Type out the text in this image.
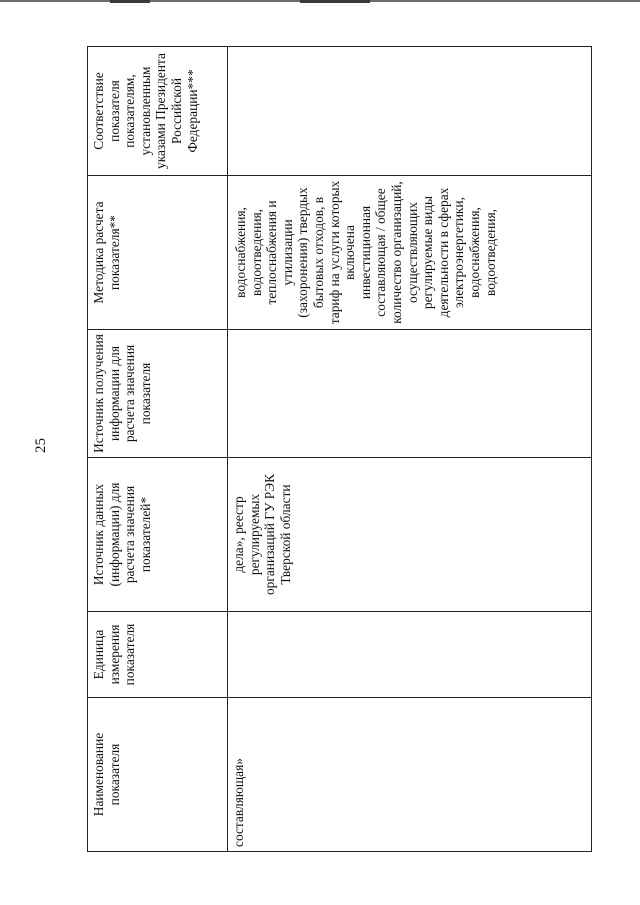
25
Наименование показателя	Единица измерения показателя	Источник данных (информации) для расчета значения показателей*	Источник получения информации для расчета значения показателя	Методика расчета показателя**	Соответствие показателя показателям, установленным указами Президента Российской Федерации***
составляющая»		дела», реестр регулируемых организаций ГУ РЭК Тверской области		водоснабжения, водоотведения, теплоснабжения и утилизации (захоронения) твердых бытовых отходов, в тариф на услуги которых включена инвестиционная составляющая / общее количество организаций, осуществляющих регулируемые виды деятельности в сферах электроэнергетики, водоснабжения, водоотведения,	
